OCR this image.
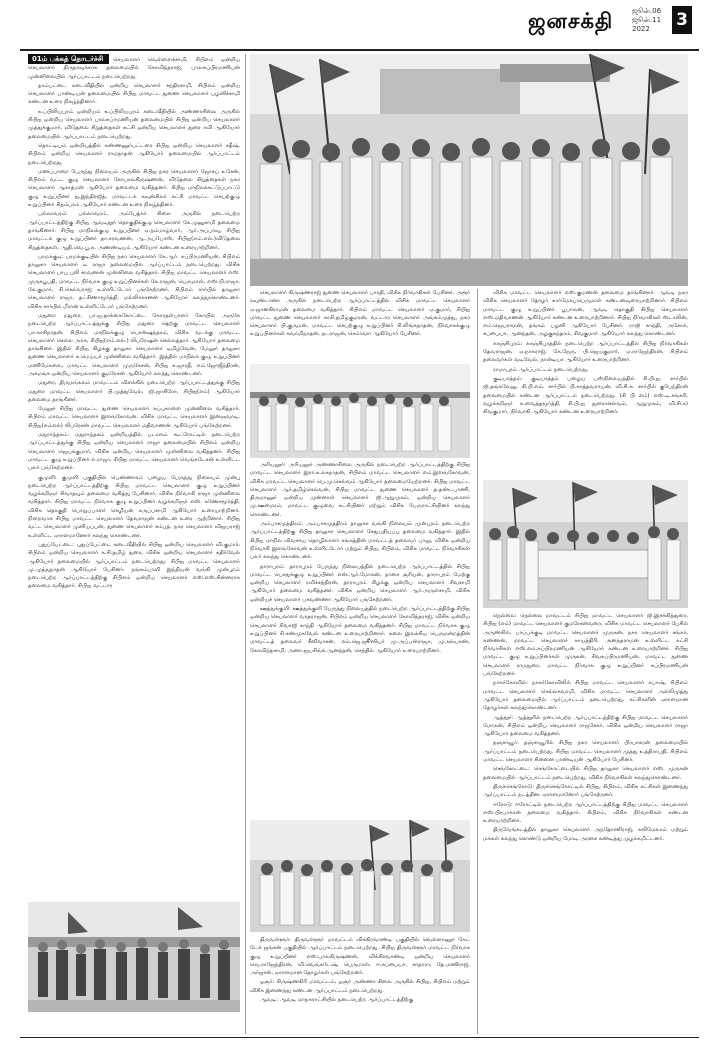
ஜனசக்தி	ஜூன்.06
ஜூன்.11
2022	3

01ம் பக்கத் தொடர்ச்சி செயலாளர் வெள்ளைச்சாமி, சிபிஎம் ஒன்றிய செயலாளர் திருநாவுக்கரசு தலைமையில் கோவிந்தராஜ், பாலசுப்பிரமணியன் முன்னிலையில் ஆர்ப்பாட்டம் நடைபெற்றது.

தாம்பட்டை கடைவீதியில் ஒன்றிய செயலாளர் சந்திரசாமி, சிபிஎம் ஒன்றிய செயலாளர் பாண்டியன் தலைமையில் சிபிஐ மாவட்ட துணை செயலாளர் பழனிச்சாமி கண்டன உரை நிகழ்த்தினார்.

உப்பிலியபுரம் ஒன்றியம் உப்பிலியபுரம் கடைவீதியில் அண்ணாசிலை அருகில் சிபிஐ ஒன்றிய செயலாளர் பாலசுப்ரமணியன் தலைமையில் சிபிஐ ஒன்றிய செயலாளர் முத்துக்குமார், விடுதலை சிறுத்தைகள் கட்சி ஒன்றிய செயலாளர் துரை ரவி ஆகியோர் தலைமையில் ஆர்ப்பாட்டம் நடைபெற்றது.

தொட்டியம் ஒன்றியத்தில் கண்ணனூர்பட்டரை சிபிஐ ஒன்றிய செயலாளர் சதீஷ், சிபிஎம் ஒன்றிய செயலாளர் ராமநாதன் ஆகியோர் தலைமையில் ஆர்ப்பாட்டம் நடைபெற்றது.

மணப்பாறை பேருந்து நிலையம் அருகில் சிபிஐ நகர செயலாளர் ஜோசப் உசேன், சிபிஎம் வட்ட குழு செயலாளர் கோபாலகிருஷ்ணன், விடுதலை சிறுத்தைகள் நகர செயலாளர் ஆசாத்மன் ஆகியோர் தலைமை வகித்தனர். சிபிஐ மாநிலக்கட்டுப்பாட்டு குழு உறுப்பினர் ஐ.இந்திரஜித், மாவட்டக் கவுன்சிலர் கட்சி மாவட்ட செயற்குழு உறுப்பினர் சிதம்பரம் ஆகியோர் கண்டன உரை நிகழ்த்தினர்.

பல்லாவரம்: பல்லாவரம், அம்பேத்கர் சிலை அருகில் நடைபெற்ற ஆர்ப்பாட்டத்திற்கு சிபிஐ ஆவடிநூர் தொகுதிக்குழு செயலாளர் கே.முனுசாமி தலைமை தாங்கினார். சிபிஐ மாநிலக்குழு உறுப்பினர் ஏ.நம்மாழ்வார், ஆர்.அப்பாவு, சிபிஐ மாவட்டக் குழு உறுப்பினர் தா.சரவணன், ஆ.அப்போஸ், சிபிஐ(எம்.எல்.)விடுதலை சிறுத்தைகள், ஆதி.வெ.பூ.க. அணண்டியம் ஆகியோர் கண்டன உரையாற்றினர்.

பரமக்குடி: பரமக்குடியில் சிபிஐ நகர செயலாளர் கே.ஆர். சுப்பிரமணியன், சிபிஎம் தாலுகா செயலாளர் டீ ராஜா தலைமையில் ஆர்ப்பாட்டம் நடைபெற்றது. விசிக செயலாளர் பாபு புலி சரவணன் முன்னிலை வகித்தார். சிபிஐ மாவட்ட செயலாளர் எஸ். முருகபூபதி, மாவட்ட நிர்வாக குழு உறுப்பினர்கள் கே.ராஜன், பெருமாள், எஸ்.பி.ராஜா, கே.குமார், சி.செல்வராஜ் உள்ளிட்டோர் பங்கேற்றனர். சிபிஎம் சார்பில் தாலுகா செயலாளர் ராஜா, தட்சிணாமூர்த்தி, மல்லிகாசனன் ஆகியோர் கலந்துகொண்டனர். விசிக சார்பில் மீரான் உள்ளிட்டோர் பங்கேற்றனர்.

மதுரை: மதுரை, பா.ஜ.தரக்கைகோட்டை கோரதள்பாளர் கோயில் அருகே நடைபெற்ற ஆர்ப்பாட்டத்துக்கு சிபிஐ மதுரை தெற்கு மாவட்ட செயலாளர் பா.காசிநாதன், சிபிஎம் மாநிலக்குழு பொன்ஷந்தரம், விசிக வடக்கு மாவட்ட செயலாளர் செல்ல அரசு, சிபிஐ(எம்.எல்.) லிபரேஷன் செல்லத்தார் ஆகியோர் தலைமை தாங்கினர். இதில் சிபிஐ கிழக்கு தாலுகா செயலாளர் டிமிழ்வேன், மேலூர் தாலுகா துணை செயலாளர் க.மெய்யர் முன்னிலை வகித்தார். இத்தில் மாநிலக் குழு உறுப்பினர் மணிமேகலை, மாவட்ட செயலாளர் முருகேசன், சிபிஐ சு.ஜாரதீ, எம்.ஜோஜீந்திரன், அகமங்க ஒன்றிய செயலாளர் குமரேசன் ஆகியோர் கலந்து கொண்டனர்.

மதுரை, திருமங்கலம் மாவட்டம் விளக்கில் நடைபெற்ற ஆர்ப்பாட்டத்துக்கு சிபிஐ மதுரை மாவட்ட செயலாளர் பி.முத்துவேல், ஜி.ஜாகிரோ, சிபிஐ(எம்) ஆகியோர் தலைமை தாங்கினர்.

மேலூர் சிபிஐ மாவட்ட துணை செயலாளர் சுப்புகாளை முன்னிலை வகித்தார். சிபிஎம் மாவட்ட செயலாளர் இளங்கோவன், விசிக மாவட்ட செயலாளர் இன்ஞவாடி, சிபிஐ(எம்எல்) லிபரேசன் மாவட்ட செயலாளர் மதிவாணன் ஆகியோர் பங்கேற்றனர்.

மதுராந்தகம்: மதுராந்தகம் ஒன்றியத்தில் படாளம் கூட்ரோட்டில் நடைபெற்ற ஆர்ப்பாட்டத்துக்கு சிபிஐ ஒன்றிய செயலாளர் ராஜா தலைமையில் சிபிஎம் ஒன்றிய செயலாளர் ஜெயக்குமார், விசிக ஒன்றிய செயலாளர் முன்னிலை வகித்தனர். சிபிஐ மாவட்ட குழு உறுப்பினர் எ.ராஜா, சிபிஐ மாவட்ட செயலாளர் வெங்கடேசன் உள்ளிட்ட பலர் பங்கேற்றனர்.

குமுளி: குமுளி பகுதியில் பெண்ணாரம் பழைய பேருந்து நிலையம் முன்பு நடைபெற்ற ஆர்ப்பாட்டத்திற்கு சிபிஐ மாவட்ட செயலாளர் குழு உறுப்பினர் வழக்கறிஞர் சிவாதயும் தலைமை வகித்து பேசினார். விசிக நிர்வாகி ராஜா முன்னிலை வகித்தார். சிபிஐ மாவட்ட நிர்வாக குழு உறுப்பினர் வழக்கறிஞர் எஸ். கணேசமூர்த்தி, விசிக தொகுதி பொறுப்பாளர் செழியன் கருப்பசாமி ஆகியோர் உரையாற்றினர். நிறைவாக சிபிஐ மாவட்ட செயலாளர் தேவராஜன் கண்டன உரை ஆற்றினார். சிபிஐ வட்ட செயலாளர் முனியப்பன், துணை செயலாளர் சம்பத், நகர செயலாளர் விஜயராஜ் உள்ளிட்ட ஏராளமானோர் கலந்து கொண்டனர்.

புதுப்பேட்டை: புதுப்பேட்டை கடைவீதியில் சிபிஐ ஒன்றிய செயலாளர் வி.குமார், சிபிஎம் ஒன்றிய செயலாளர் க.சி.தமிழ் துரை, விசிக ஒன்றிய செயலாளர் கதிர்வேல் ஆகியோர் தலைமையில் ஆர்ப்பாட்டம் நடைபெற்றது. சிபிஐ மாவட்ட செயலாளர் மு.முத்துநாதன் ஆகியோர் பேசினர். நங்கம்பாளி இந்தியன் வங்கி முன்புறம் நடைபெற்ற ஆர்ப்பாட்டத்திற்கு சிபிஎம் ஒன்றிய செயலாளர் எஸ்.எஸ்.சின்னராசு தலைமை வகித்தார். சிபிஐ வட்டார

செயலாளர் கிருஷ்ணராஜ் துணை செயலாளர் பாரதி, விசிக நிர்வாகிகள் பேசினர். அரூர் ரவுண்டானா அருகில் நடைபெற்ற ஆர்ப்பாட்டத்தில் விசிக மாவட்ட செயலாளர் ஏ.ஜானகிராமன் தலைமை வகித்தார். சிபிஎம் மாவட்ட செயலாளர் ஏ.குமார், சிபிஐ மாவட்ட துணை செயலாளர் காசி.தமிழ்குமரன், வட்டார செயலாளர் அங்கம்முத்து, நகர செயலாளர் பி.குருமன், மாவட்ட செயற்குழு உறுப்பினர் சி.லிங்கநாதன், நிர்வாகக்குழு உறுப்பினர்கள் சுவாமிநாதன், நடராஜன், செம்மொ ஆகியோர் பேசினர்.

அரியலூர்: அரியலூர் அண்ணாசிலை அருகில் நடைபெற்ற ஆர்ப்பாட்டத்திற்கு சிபிஐ மாவட்ட செயலாளர் இரா.உலகநாதன், சிபிஎம் மாவட்ட செயலாளர் எம்.இளங்கோவன், விசிக மாவட்ட செயலாளர் பெ.மு.செல்வம் ஆகியோர் தலைமையேற்றனர். சிபிஐ மாவட்ட செயலாளர் ஆர்.தமிழ்செல்வன், சிபிஐ மாவட்ட துணை செயலாளர் த.தண்டபாணி, திருமானூர் ஒன்றிய முன்னாள் செயலாளர் ஜி.ஆறுமுகம், ஒன்றிய செயலாளர் மு.ஊமைரம், மாவட்ட குழுவை கட்சியினர் மற்றும் விசிக பேருராட்சியினர் கலந்து கொண்டனர்.

அம்பாசமுத்திரம்: அம்பாசமுத்திரம் தாலுகா வங்கி நிலையம் முன்புறம் நடைபெற்ற ஆர்ப்பாட்டத்திற்கு சிபிஐ தாலுகா செயலாளர் சேதுபதியப்பு தலைமை வகித்தார். இதில் சிபிஐ மாநில விவசாய தொழிலாளர் சங்கத்தின் மாவட்டத் தலைவர் பாலு, விசிக ஒன்றிய நிர்வாகி இளங்கோவன் உள்ளிட்டோர் மற்றும் சிபிஐ, சிபிஎம், விசிக மாவட்ட நிர்வாகிகள் பலர் கலந்து கொண்டனர்.

தாராபுரம்: தாராபுரம் பேருந்து நிலையத்தில் நடைபெற்ற ஆர்ப்பாட்டத்தில் சிபிஐ மாவட்ட பொதுக்குழு உறுப்பினர் என்.ஆர்.மோகன், நாசை சூரியன், தாராபுரம் மேற்கு ஒன்றிய செயலாளர் ரவிச்சந்திரன், தாராபுரம் கிழக்கு ஒன்றிய செயலாளர் சிவசாமி ஆகியோர் தலைமை வகித்தனர். விசிக ஒன்றிய செயலாளர் ஆர்.அருள்சாமி, விசிக ஒன்றியச் செயலாளர் பசவண்ணா ஆகியோர் பங்கேற்றனர்.

ஊத்துக்குளி: ஊத்துக்குளி பேருந்து நிலையத்தில் நடைபெற்ற ஆர்ப்பாட்டத்திற்கு சிபிஐ ஒன்றிய செயலாளர் வரதராஜன், சிபிஎம் ஒன்றிய செயலாளர் கோவிந்தராஜ், விசிக ஒன்றிய செயலாளர் சிவாஜி காந்தி ஆகியோர் தலைமை வகித்தனர். சிபிஐ மாவட்ட நிர்வாக குழு உறுப்பினர் சி.சண்முகவேல் கண்டன உரையாற்றினார். கலை இலக்கிய பெருமன்றத்தின் மாவட்டத் தலைவர் சீனிவாசன், எம்.ஜெ.ஜூனியர் மு.அப்பன்ராஜா, மு.கல்யாண், கோவிந்தசாமி, அனா.ஜயசிங்க்.ஆனந்தன், செந்தில் ஆகியோர் உரையாற்றினர்.

திருவள்ளூர்: திருவள்ளூர் மாவட்டம் விக்கிரவாண்டி பகுதியில் வெள்ளானூர் கேட் டேக் ஜங்சன் பகுதியில் ஆர்ப்பாட்டம் நடைபெற்றது. சிபிஐ திருவள்ளூர் மாவட்ட நிர்வாக குழு உறுப்பினர் எஸ்.பாலகிருஷ்ணன், விக்கிரவாண்டி ஒன்றிய செயலாளர் வெ.ராஜேந்திரன், வி.வெங்கடேஷ், பெருமாள், ஈ.சுப்பையா, சாதாரா, தே.மணிராஜ், அர்ஜுன், ஏராளமான தோழர்கள் பங்கேற்றனர்.

ஓசூர்: கிருஷ்ணகிரி மாவட்டம், ஓசூர் அண்ணா சிலை அருகில் சிபிஐ, சிபிஎம் மற்றும் விசிக இணைந்து கண்டன ஆர்ப்பாட்டம் நடைபெற்றது.

ஆவடி: ஆவடி மாநகராட்சியில் நடைபெற்ற ஆர்ப்பாட்டத்திற்கு

விசிக மாவட்ட செயலாளர் எஸ்.குமணன் தலைமை தாங்கினார். ஆவடி நகர விசிக செயலாளர் தோழர் கார்மேகப்பெருமாள் கண்டனவுரையாற்றினார். சிபிஎம் மாவட்ட குழு உறுப்பினர் பூபாலன், ஆவடி தொகுதி சிபிஐ செயலாளர் எஸ்.மதிவாணன் ஆகியோர் கண்டன உரையாற்றினார். சிபிஐ நிர்வாகிகள் ஸ்டாலின், எம்.ஜெயராமன், தங்கம் பழனி ஆகியோர் பேசினர். ராஜி காந்தி, அசோக், சப்பையா, ஆனந்தன், அழகுசுந்தரம், சிவகுமார் ஆகியோர் கலந்து கொண்டனர்.

காஞ்சிபுரம்: காஞ்சிபுரத்தில் நடைபெற்ற ஆர்ப்பாட்டத்தில் சிபிஐ நிர்வாகிகள் தேவராஜன், ஏ.நாகராஜ், கே.நேரு, பி.ஜெயகுமார், ஏ.ராஜேந்திரன், சிபிஎம் தலைவர்கள் வடிவேல், நான்டியா ஆகியோர் உரையாற்றினர்.

ராமாபுரம் ஆர்ப்பாட்டம் நடைபெற்றது.

குடியாத்தம்: குடியாத்தம் பழைய பஸ்நிலையத்தில் சி.பி.ஐ. சார்பில் ஜி.தங்கவேலு, சி.பி.எம். சார்பில் பி.காத்தவராயன், வி.சி.க. சார்பில் குபேந்திரன் தலைமையில் கண்டன ஆர்ப்பாட்டம் நடைபெற்றது. (சி பி எம்) எஸ்.டி.சங்கரி, வழக்கறிஞர் சு.வைத்தமூர்த்தி, சி.பி.ஐ துரைசெல்வம், ஆறுமுகம், வி.சி.க) சிவகுமார், நிர்வாகி ஆகியோர் கண்டன உரையாற்றினர்.

நெல்லை: நெல்லை மாவட்டம் சிபிஐ மாவட்ட செயலாளர் ஜி.இசக்கித்துரை, சிபிஐ (எம்) மாவட்ட செயலாளர் குமரேசன்வரை, விசிக மாவட்ட செயலாளர் பேசில் அருண்கில், பாப்பக்குடி மாவட்ட செயலாளர் முருகன், நகர செயலாளர் சங்கர், கண்ணன், மாவட்ட செயலாளர் காயத்திரி, அனந்தராமன் உள்ளிட்ட கட்சி நிர்வாகிகள் எஸ்.எம்.சுப்பிரமணியன் ஆகியோர் கண்டன உரையாற்றினர். சிபிஐ மாவட்ட குழு உறுப்பினர்கள் முருகன், சிவசுப்பிரமணியன், மாவட்ட துணை செயலாளர் ராமதுரை, மாவட்ட நிர்வாக குழு உறுப்பினர் சுப்பிரமணியன் பங்கேற்றனர்.

நாகர்கோவில்: நாகர்கோவிலில் சிபிஐ மாவட்ட செயலாளர் சுபாஷ், சிபிஎம் மாவட்ட செயலாளர் செல்லசுவாமி, விசிக மாவட்ட செயலாளர் அல்லிமுத்து ஆகியோர் தலைமையில் ஆர்ப்பாட்டம் நடைபெற்றது. கட்சிகளின் ஏராளமான தோழர்கள் கலந்துகொண்டனர்.

ஆத்தூர்: ஆத்தூரில் நடைபெற்ற ஆர்ப்பாட்டத்திற்கு சிபிஐ மாவட்ட செயலாளர் மோகன், சிபிஎம் ஒன்றிய செயலாளர் ராஜசேகர், விசிக ஒன்றிய செயலாளர் ராஜா ஆகியோர் தலைமை வகித்தனர்.

தஞ்சாவூர்: தஞ்சாவூரில் சிபிஐ நகர செயலாளர் பிரபாகரன் தலைமையில் ஆர்ப்பாட்டம் நடைபெற்றது. சிபிஐ மாவட்ட செயலாளர் முத்து உத்திராபதி, சிபிஎம் மாவட்ட செயலாளர் சின்னை பாண்டியன் ஆகியோர் பேசினர்.

செங்கோட்டை: செங்கோட்டையில் சிபிஐ தாலுகா செயலாளர் எஸ். முருகன் தலைமையில் ஆர்ப்பாட்டம் நடைபெற்றது. விசிக நிர்வாகிகள் கலந்துகொண்டனர்.

திருச்செங்கோடு: திருச்செங்கோட்டில் சிபிஐ, சிபிஎம், விசிக கட்சிகள் இணைந்து ஆர்ப்பாட்டம் நடத்தின. ஏராளமானோர் பங்கேற்றனர்.

ஈரோடு: ஈரோட்டில் நடைபெற்ற ஆர்ப்பாட்டத்திற்கு சிபிஐ மாவட்ட செயலாளர் எஸ்.பிரபாகரன் தலைமை வகித்தார். சிபிஎம், விசிக நிர்வாகிகள் கண்டன உரையாற்றினர்.

திருவேங்கடத்தில் தாலுகா செயலாளர் அந்தோணிராஜ், கலிமேலாம் மற்றும் மக்கள் கலந்து கொண்டு ஒன்றிய மோடி அரசை கண்டித்து முழக்கமிட்டனர்.
